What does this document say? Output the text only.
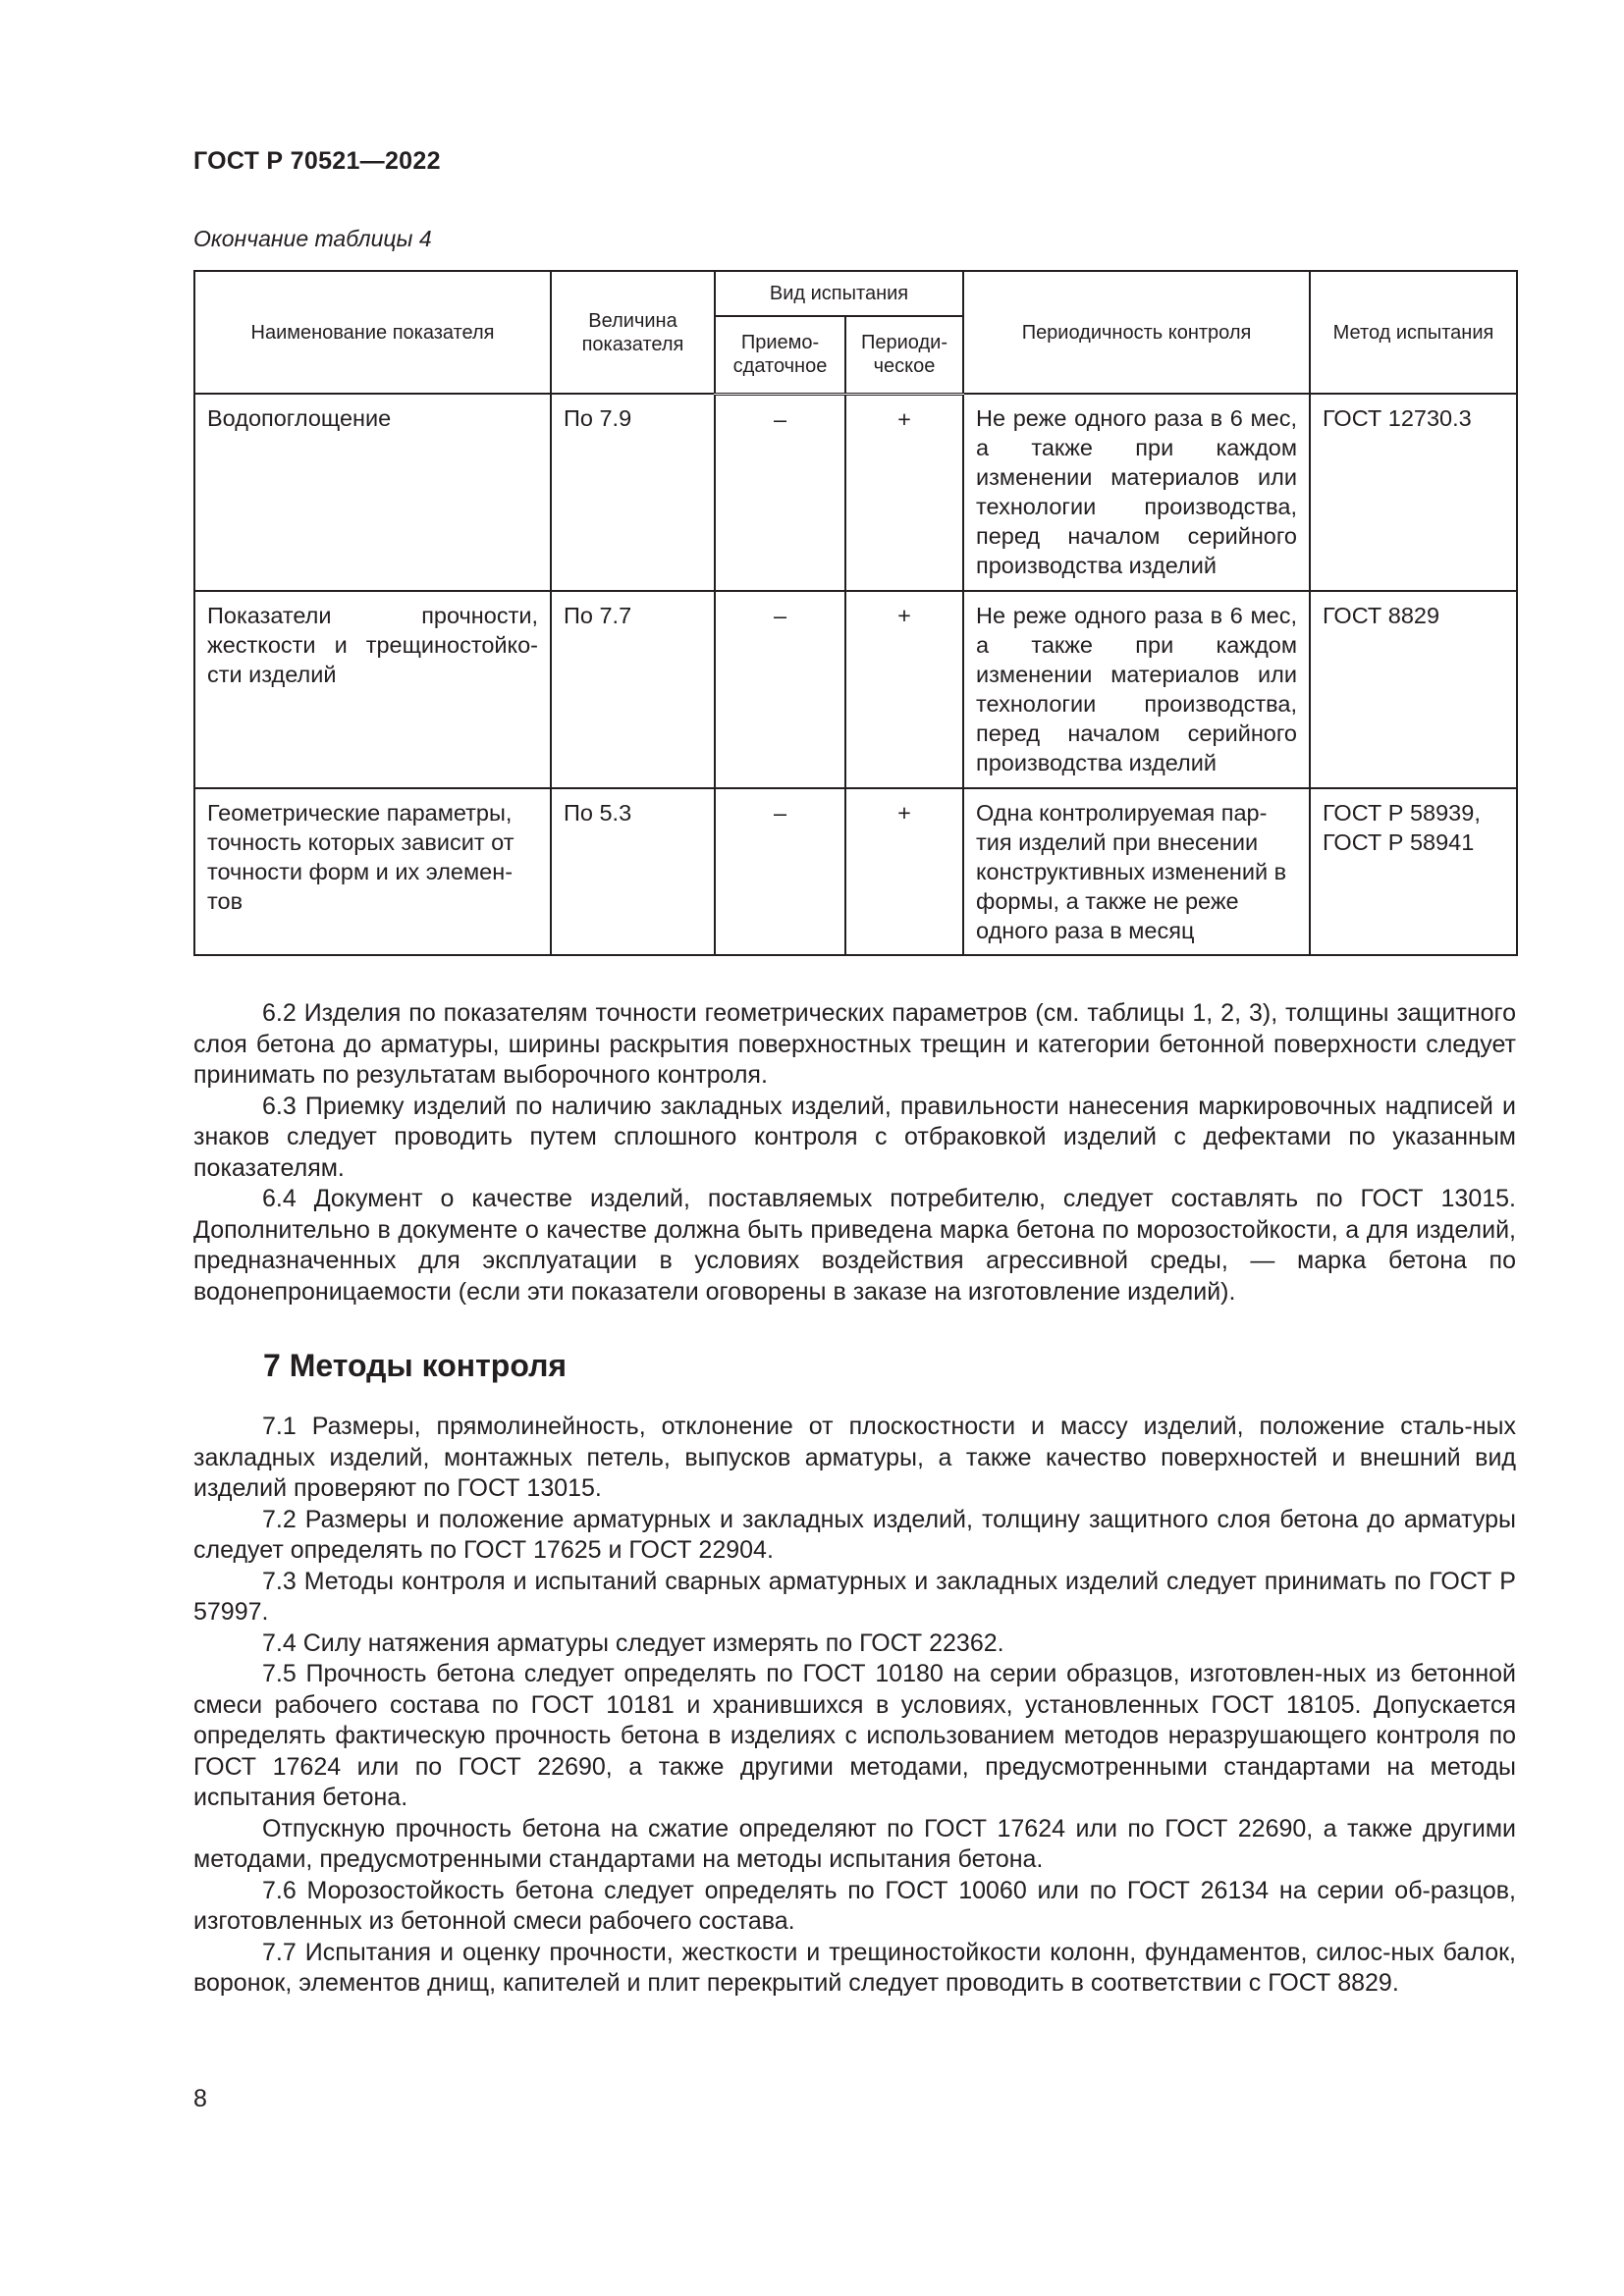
ГОСТ Р 70521—2022
Окончание таблицы 4
Наименование показателя	Величина показателя	Вид испытания		Периодичность контроля	Метод испытания
		Приемо-сдаточное	Периоди-ческое		
Водопоглощение	По 7.9	–	+	Не реже одного раза в 6 мес, а также при каждом изменении материалов или технологии производства, перед началом серийного производства изделий	ГОСТ 12730.3
Показатели прочности, жесткости и трещиностойко-сти изделий	По 7.7	–	+	Не реже одного раза в 6 мес, а также при каждом изменении материалов или технологии производства, перед началом серийного производства изделий	ГОСТ 8829
Геометрические параметры, точность которых зависит от точности форм и их элемен-тов	По 5.3	–	+	Одна контролируемая пар-тия изделий при внесении конструктивных изменений в формы, а также не реже одного раза в месяц	ГОСТ Р 58939, ГОСТ Р 58941

6.2 Изделия по показателям точности геометрических параметров (см. таблицы 1, 2, 3), толщины защитного слоя бетона до арматуры, ширины раскрытия поверхностных трещин и категории бетонной поверхности следует принимать по результатам выборочного контроля.

6.3 Приемку изделий по наличию закладных изделий, правильности нанесения маркировочных надписей и знаков следует проводить путем сплошного контроля с отбраковкой изделий с дефектами по указанным показателям.

6.4 Документ о качестве изделий, поставляемых потребителю, следует составлять по ГОСТ 13015. Дополнительно в документе о качестве должна быть приведена марка бетона по морозостойкости, а для изделий, предназначенных для эксплуатации в условиях воздействия агрессивной среды, — марка бетона по водонепроницаемости (если эти показатели оговорены в заказе на изготовление изделий).

7 Методы контроля

7.1 Размеры, прямолинейность, отклонение от плоскостности и массу изделий, положение сталь-ных закладных изделий, монтажных петель, выпусков арматуры, а также качество поверхностей и внешний вид изделий проверяют по ГОСТ 13015.

7.2 Размеры и положение арматурных и закладных изделий, толщину защитного слоя бетона до арматуры следует определять по ГОСТ 17625 и ГОСТ 22904.

7.3 Методы контроля и испытаний сварных арматурных и закладных изделий следует принимать по ГОСТ Р 57997.

7.4 Силу натяжения арматуры следует измерять по ГОСТ 22362.

7.5 Прочность бетона следует определять по ГОСТ 10180 на серии образцов, изготовлен-ных из бетонной смеси рабочего состава по ГОСТ 10181 и хранившихся в условиях, установленных ГОСТ 18105. Допускается определять фактическую прочность бетона в изделиях с использованием методов неразрушающего контроля по ГОСТ 17624 или по ГОСТ 22690, а также другими методами, предусмотренными стандартами на методы испытания бетона.

Отпускную прочность бетона на сжатие определяют по ГОСТ 17624 или по ГОСТ 22690, а также другими методами, предусмотренными стандартами на методы испытания бетона.

7.6 Морозостойкость бетона следует определять по ГОСТ 10060 или по ГОСТ 26134 на серии об-разцов, изготовленных из бетонной смеси рабочего состава.

7.7 Испытания и оценку прочности, жесткости и трещиностойкости колонн, фундаментов, силос-ных балок, воронок, элементов днищ, капителей и плит перекрытий следует проводить в соответствии с ГОСТ 8829.

8
